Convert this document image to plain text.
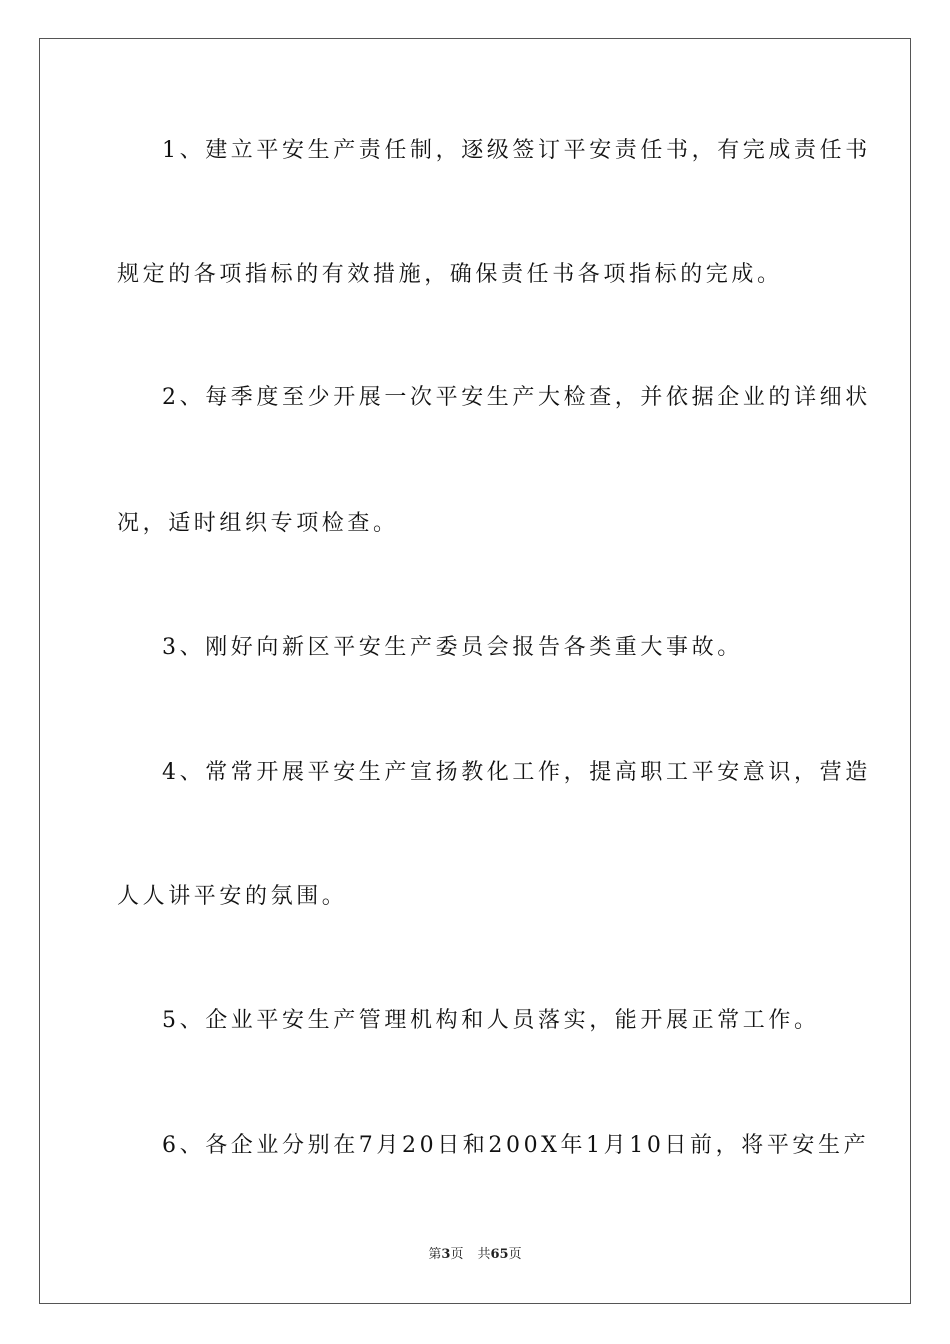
1、建立平安生产责任制，逐级签订平安责任书，有完成责任书
规定的各项指标的有效措施，确保责任书各项指标的完成。
2、每季度至少开展一次平安生产大检查，并依据企业的详细状
况，适时组织专项检查。
3、刚好向新区平安生产委员会报告各类重大事故。
4、常常开展平安生产宣扬教化工作，提高职工平安意识，营造
人人讲平安的氛围。
5、企业平安生产管理机构和人员落实，能开展正常工作。
6、各企业分别在7月20日和200X年1月10日前，将平安生产
第3页 共65页
